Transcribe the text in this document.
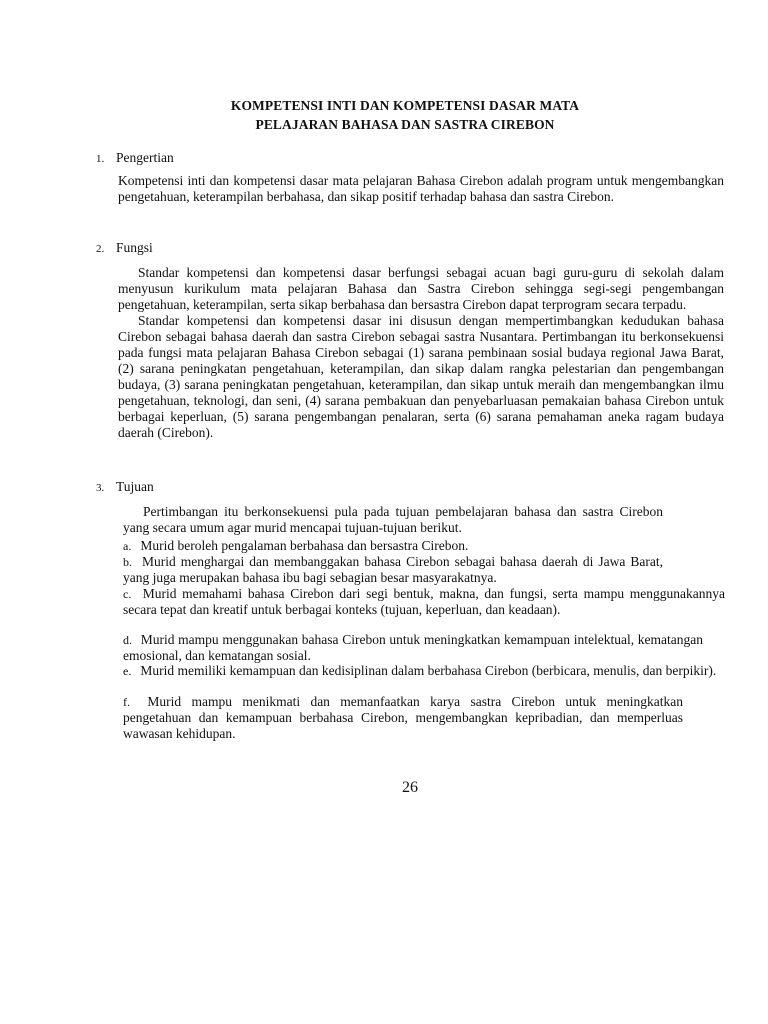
KOMPETENSI INTI DAN KOMPETENSI DASAR MATA
PELAJARAN BAHASA DAN SASTRA CIREBON
1. Pengertian

Kompetensi inti dan kompetensi dasar mata pelajaran Bahasa Cirebon adalah program untuk mengembangkan pengetahuan, keterampilan berbahasa, dan sikap positif terhadap bahasa dan sastra Cirebon.

2. Fungsi

Standar kompetensi dan kompetensi dasar berfungsi sebagai acuan bagi guru-guru di sekolah dalam menyusun kurikulum mata pelajaran Bahasa dan Sastra Cirebon sehingga segi-segi pengembangan pengetahuan, keterampilan, serta sikap berbahasa dan bersastra Cirebon dapat terprogram secara terpadu.

Standar kompetensi dan kompetensi dasar ini disusun dengan mempertimbangkan kedudukan bahasa Cirebon sebagai bahasa daerah dan sastra Cirebon sebagai sastra Nusantara. Pertimbangan itu berkonsekuensi pada fungsi mata pelajaran Bahasa Cirebon sebagai (1) sarana pembinaan sosial budaya regional Jawa Barat, (2) sarana peningkatan pengetahuan, keterampilan, dan sikap dalam rangka pelestarian dan pengembangan budaya, (3) sarana peningkatan pengetahuan, keterampilan, dan sikap untuk meraih dan mengembangkan ilmu pengetahuan, teknologi, dan seni, (4) sarana pembakuan dan penyebarluasan pemakaian bahasa Cirebon untuk berbagai keperluan, (5) sarana pengembangan penalaran, serta (6) sarana pemahaman aneka ragam budaya daerah (Cirebon).

3. Tujuan

Pertimbangan itu berkonsekuensi pula pada tujuan pembelajaran bahasa dan sastra Cirebon yang secara umum agar murid mencapai tujuan-tujuan berikut.

a. Murid beroleh pengalaman berbahasa dan bersastra Cirebon.
b. Murid menghargai dan membanggakan bahasa Cirebon sebagai bahasa daerah di Jawa Barat, yang juga merupakan bahasa ibu bagi sebagian besar masyarakatnya.
c. Murid memahami bahasa Cirebon dari segi bentuk, makna, dan fungsi, serta mampu menggunakannya secara tepat dan kreatif untuk berbagai konteks (tujuan, keperluan, dan keadaan).
d. Murid mampu menggunakan bahasa Cirebon untuk meningkatkan kemampuan intelektual, kematangan emosional, dan kematangan sosial.
e. Murid memiliki kemampuan dan kedisiplinan dalam berbahasa Cirebon (berbicara, menulis, dan berpikir).
f. Murid mampu menikmati dan memanfaatkan karya sastra Cirebon untuk meningkatkan pengetahuan dan kemampuan berbahasa Cirebon, mengembangkan kepribadian, dan memperluas wawasan kehidupan.
26
